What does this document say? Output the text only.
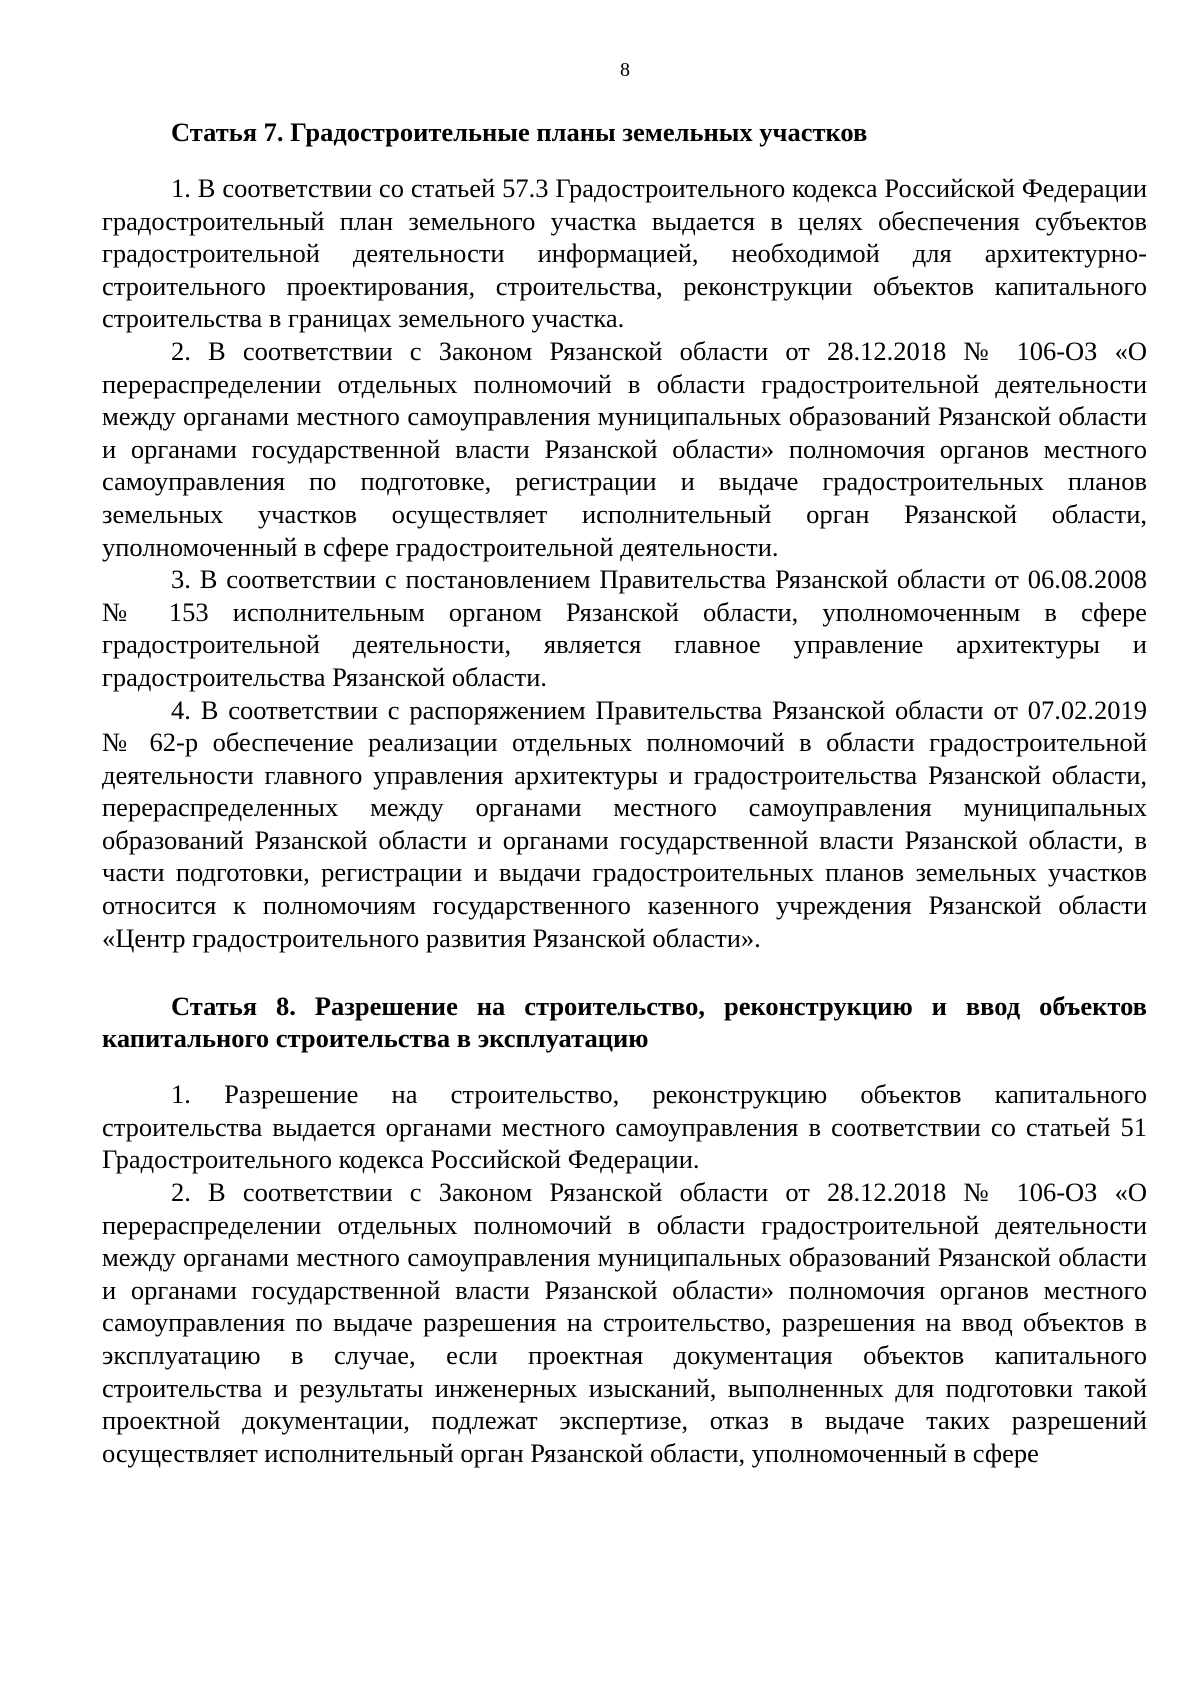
8
Статья 7. Градостроительные планы земельных участков

1. В соответствии со статьей 57.3 Градостроительного кодекса Российской Федерации градостроительный план земельного участка выдается в целях обеспечения субъектов градостроительной деятельности информацией, необходимой для архитектурно-строительного проектирования, строительства, реконструкции объектов капитального строительства в границах земельного участка.

2. В соответствии с Законом Рязанской области от 28.12.2018 № 106-ОЗ «О перераспределении отдельных полномочий в области градостроительной деятельности между органами местного самоуправления муниципальных образований Рязанской области и органами государственной власти Рязанской области» полномочия органов местного самоуправления по подготовке, регистрации и выдаче градостроительных планов земельных участков осуществляет исполнительный орган Рязанской области, уполномоченный в сфере градостроительной деятельности.

3. В соответствии с постановлением Правительства Рязанской области от 06.08.2008 № 153 исполнительным органом Рязанской области, уполномоченным в сфере градостроительной деятельности, является главное управление архитектуры и градостроительства Рязанской области.

4. В соответствии с распоряжением Правительства Рязанской области от 07.02.2019 № 62-р обеспечение реализации отдельных полномочий в области градостроительной деятельности главного управления архитектуры и градостроительства Рязанской области, перераспределенных между органами местного самоуправления муниципальных образований Рязанской области и органами государственной власти Рязанской области, в части подготовки, регистрации и выдачи градостроительных планов земельных участков относится к полномочиям государственного казенного учреждения Рязанской области «Центр градостроительного развития Рязанской области».

Статья 8. Разрешение на строительство, реконструкцию и ввод объектов капитального строительства в эксплуатацию

1. Разрешение на строительство, реконструкцию объектов капитального строительства выдается органами местного самоуправления в соответствии со статьей 51 Градостроительного кодекса Российской Федерации.

2. В соответствии с Законом Рязанской области от 28.12.2018 № 106-ОЗ «О перераспределении отдельных полномочий в области градостроительной деятельности между органами местного самоуправления муниципальных образований Рязанской области и органами государственной власти Рязанской области» полномочия органов местного самоуправления по выдаче разрешения на строительство, разрешения на ввод объектов в эксплуатацию в случае, если проектная документация объектов капитального строительства и результаты инженерных изысканий, выполненных для подготовки такой проектной документации, подлежат экспертизе, отказ в выдаче таких разрешений осуществляет исполнительный орган Рязанской области, уполномоченный в сфере
